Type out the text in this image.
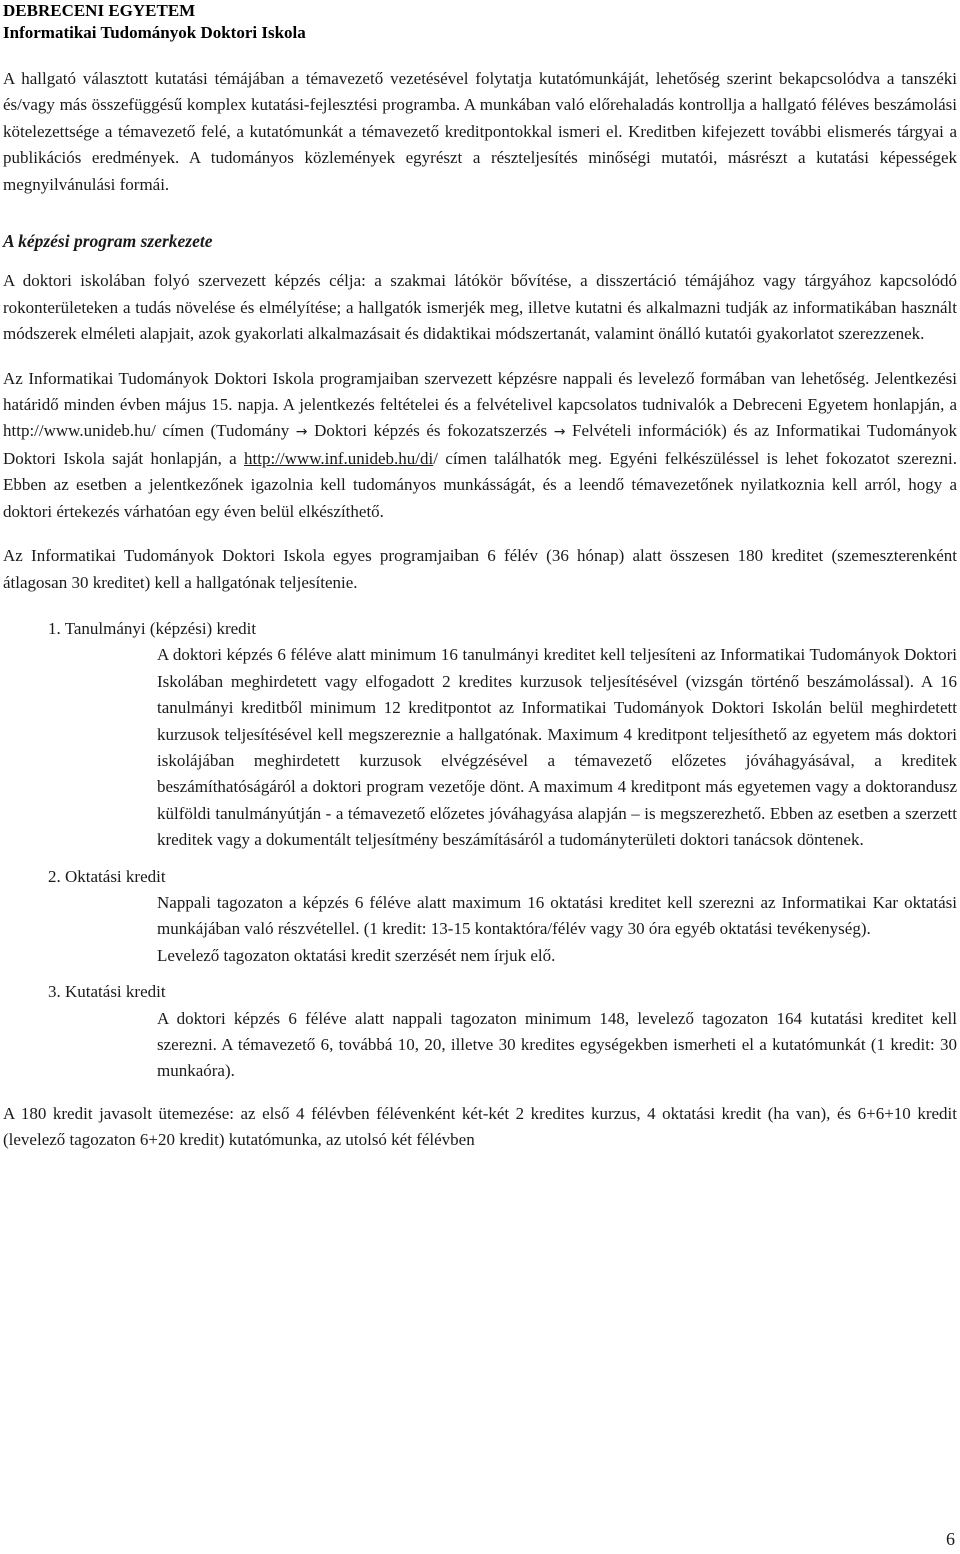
DEBRECENI EGYETEM
Informatikai Tudományok Doktori Iskola

A hallgató választott kutatási témájában a témavezető vezetésével folytatja kutatómunkáját, lehetőség szerint bekapcsolódva a tanszéki és/vagy más összefüggésű komplex kutatási-fejlesztési programba. A munkában való előrehaladás kontrollja a hallgató féléves beszámolási kötelezettsége a témavezető felé, a kutatómunkát a témavezető kreditpontokkal ismeri el. Kreditben kifejezett további elismerés tárgyai a publikációs eredmények. A tudományos közlemények egyrészt a részteljesítés minőségi mutatói, másrészt a kutatási képességek megnyilvánulási formái.

A képzési program szerkezete

A doktori iskolában folyó szervezett képzés célja: a szakmai látókör bővítése, a disszertáció témájához vagy tárgyához kapcsolódó rokonterületeken a tudás növelése és elmélyítése; a hallgatók ismerjék meg, illetve kutatni és alkalmazni tudják az informatikában használt módszerek elméleti alapjait, azok gyakorlati alkalmazásait és didaktikai módszertanát, valamint önálló kutatói gyakorlatot szerezzenek.

Az Informatikai Tudományok Doktori Iskola programjaiban szervezett képzésre nappali és levelező formában van lehetőség. Jelentkezési határidő minden évben május 15. napja. A jelentkezés feltételei és a felvételivel kapcsolatos tudnivalók a Debreceni Egyetem honlapján, a http://www.unideb.hu/ címen (Tudomány → Doktori képzés és fokozatszerzés → Felvételi információk) és az Informatikai Tudományok Doktori Iskola saját honlapján, a http://www.inf.unideb.hu/di/ címen találhatók meg. Egyéni felkészüléssel is lehet fokozatot szerezni. Ebben az esetben a jelentkezőnek igazolnia kell tudományos munkásságát, és a leendő témavezetőnek nyilatkoznia kell arról, hogy a doktori értekezés várhatóan egy éven belül elkészíthető.

Az Informatikai Tudományok Doktori Iskola egyes programjaiban 6 félév (36 hónap) alatt összesen 180 kreditet (szemeszterenként átlagosan 30 kreditet) kell a hallgatónak teljesítenie.

1. Tanulmányi (képzési) kredit
A doktori képzés 6 féléve alatt minimum 16 tanulmányi kreditet kell teljesíteni az Informatikai Tudományok Doktori Iskolában meghirdetett vagy elfogadott 2 kredites kurzusok teljesítésével (vizsgán történő beszámolással). A 16 tanulmányi kreditből minimum 12 kreditpontot az Informatikai Tudományok Doktori Iskolán belül meghirdetett kurzusok teljesítésével kell megszereznie a hallgatónak. Maximum 4 kreditpont teljesíthető az egyetem más doktori iskolájában meghirdetett kurzusok elvégzésével a témavezető előzetes jóváhagyásával, a kreditek beszámíthatóságáról a doktori program vezetője dönt. A maximum 4 kreditpont más egyetemen vagy a doktorandusz külföldi tanulmányútján - a témavezető előzetes jóváhagyása alapján – is megszerezhető. Ebben az esetben a szerzett kreditek vagy a dokumentált teljesítmény beszámításáról a tudományterületi doktori tanácsok döntenek.
2. Oktatási kredit
Nappali tagozaton a képzés 6 féléve alatt maximum 16 oktatási kreditet kell szerezni az Informatikai Kar oktatási munkájában való részvétellel. (1 kredit: 13-15 kontaktóra/félév vagy 30 óra egyéb oktatási tevékenység).
Levelező tagozaton oktatási kredit szerzését nem írjuk elő.
3. Kutatási kredit
A doktori képzés 6 féléve alatt nappali tagozaton minimum 148, levelező tagozaton 164 kutatási kreditet kell szerezni. A témavezető 6, továbbá 10, 20, illetve 30 kredites egységekben ismerheti el a kutatómunkát (1 kredit: 30 munkaóra).

A 180 kredit javasolt ütemezése: az első 4 félévben félévenként két-két 2 kredites kurzus, 4 oktatási kredit (ha van), és 6+6+10 kredit (levelező tagozaton 6+20 kredit) kutatómunka, az utolsó két félévben

6
